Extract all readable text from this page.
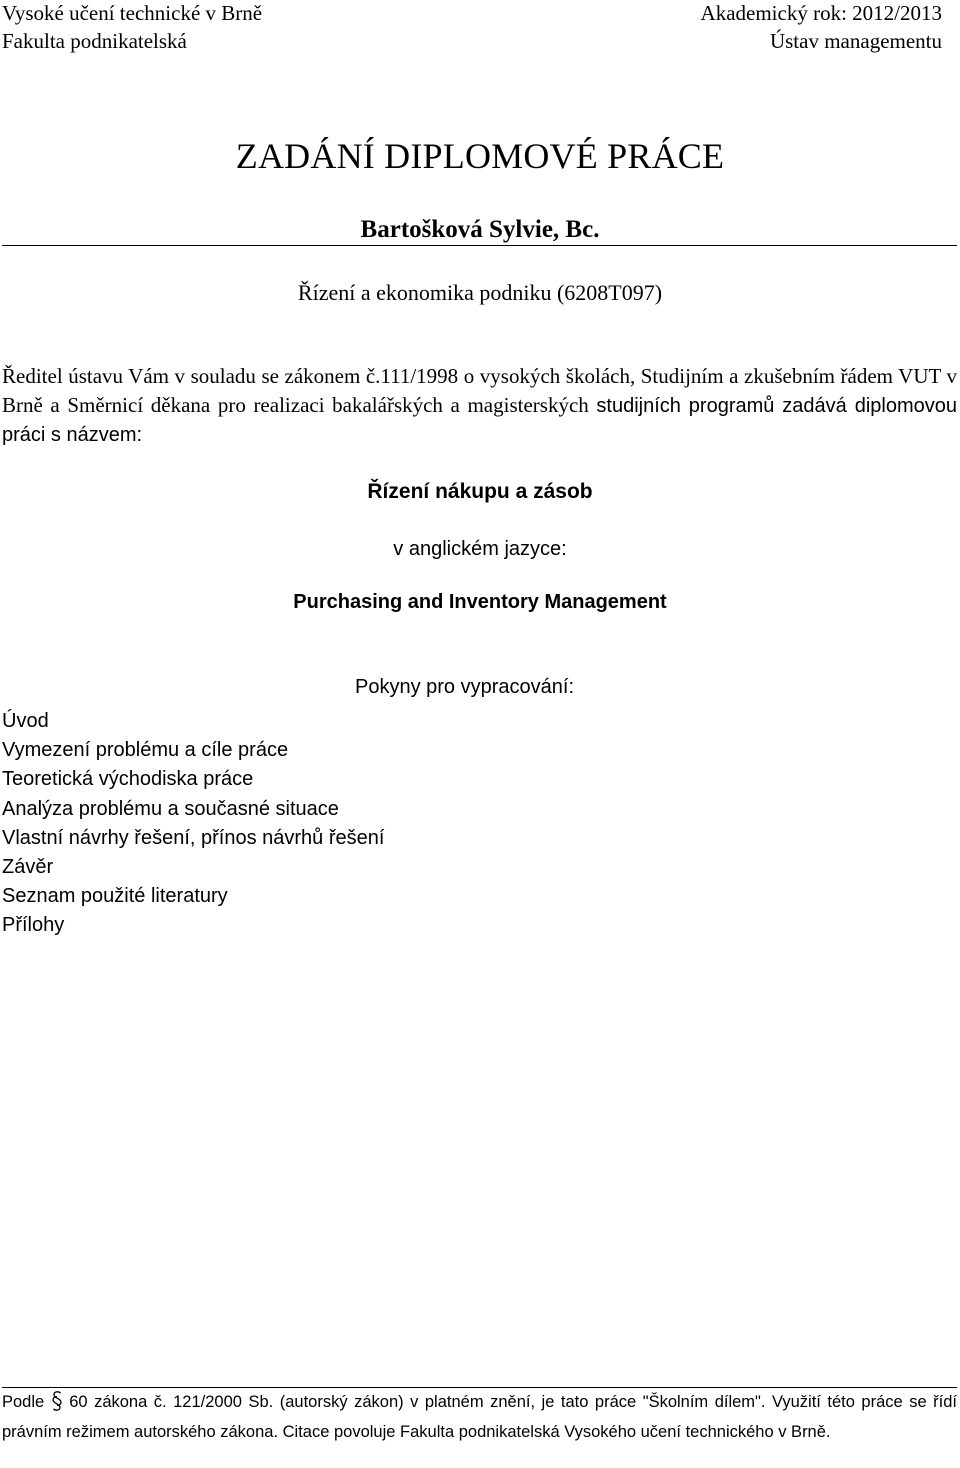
Vysoké učení technické v Brně
Fakulta podnikatelská
Akademický rok: 2012/2013
Ústav managementu
ZADÁNÍ DIPLOMOVÉ PRÁCE
Bartošková Sylvie, Bc.
Řízení a ekonomika podniku (6208T097)
Ředitel ústavu Vám v souladu se zákonem č.111/1998 o vysokých školách, Studijním a zkušebním řádem VUT v Brně a Směrnicí děkana pro realizaci bakalářských a magisterských studijních programů zadává diplomovou práci s názvem:
Řízení nákupu a zásob
v anglickém jazyce:
Purchasing and Inventory Management
Pokyny pro vypracování:
Úvod
Vymezení problému a cíle práce
Teoretická východiska práce
Analýza problému a současné situace
Vlastní návrhy řešení, přínos návrhů řešení
Závěr
Seznam použité literatury
Přílohy
Podle 60 zákona č. 121/2000 Sb. (autorský zákon) v platném znění, je tato práce "Školním dílem". Využití této práce se řídí právním režimem autorského zákona. Citace povoluje Fakulta podnikatelská Vysokého učení technického v Brně.
